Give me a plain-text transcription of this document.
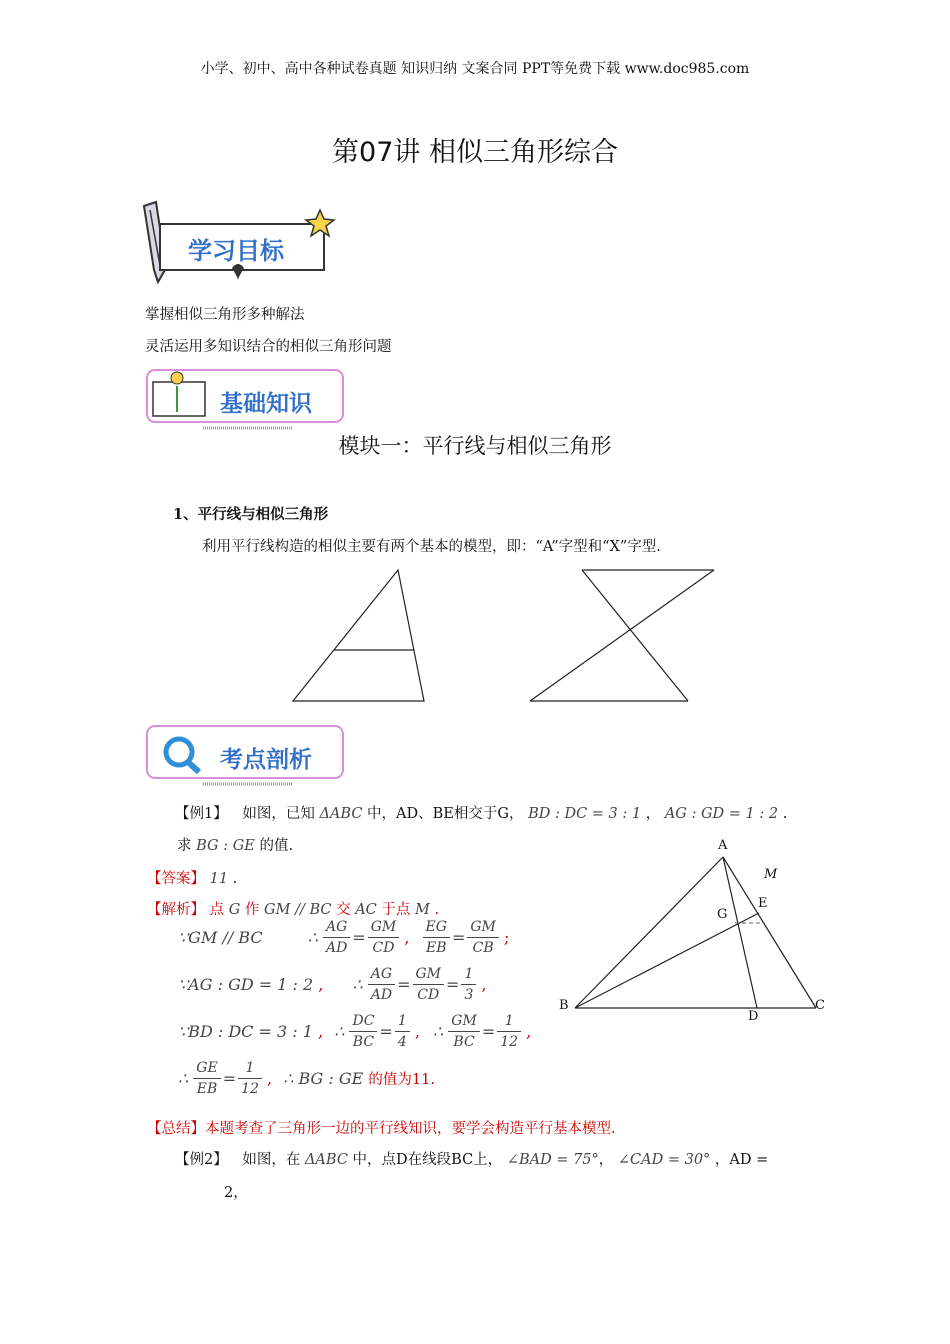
小学、初中、高中各种试卷真题 知识归纳 文案合同 PPT等免费下载 www.doc985.com
第07讲 相似三角形综合
学习目标
掌握相似三角形多种解法
灵活运用多知识结合的相似三角形问题
基础知识
模块一：平行线与相似三角形
1、平行线与相似三角形
利用平行线构造的相似主要有两个基本的模型，即：“A”字型和“X”字型.
考点剖析
【例1】 如图，已知 ΔABC 中，AD、BE相交于G， BD : DC = 3 : 1 ， AG : GD = 1 : 2 .
求 BG : GE 的值.
【答案】 11 .
【解析】 点 G 作 GM // BC 交 AC 于点 M .
∵GM // BC	∴ $\frac{AG}{AD} = \frac{GM}{CD}$ , $\frac{EG}{EB} = \frac{GM}{CB}$ ;
∵AG : GD = 1 : 2 , ∴ $\frac{AG}{AD} = \frac{GM}{CD} = \frac{1}{3}$ ,
∵BD : DC = 3 : 1 , ∴ $\frac{DC}{BC} = \frac{1}{4}$ , ∴ $\frac{GM}{BC} = \frac{1}{12}$ ,
∴ $\frac{GE}{EB} = \frac{1}{12}$ , ∴ BG : GE 的值为11.
【总结】本题考查了三角形一边的平行线知识，要学会构造平行基本模型.
A
M
G
E
B
D
C
【例2】 如图，在 ΔABC 中，点D在线段BC上， ∠BAD = 75°， ∠CAD = 30° ，AD =
2，
